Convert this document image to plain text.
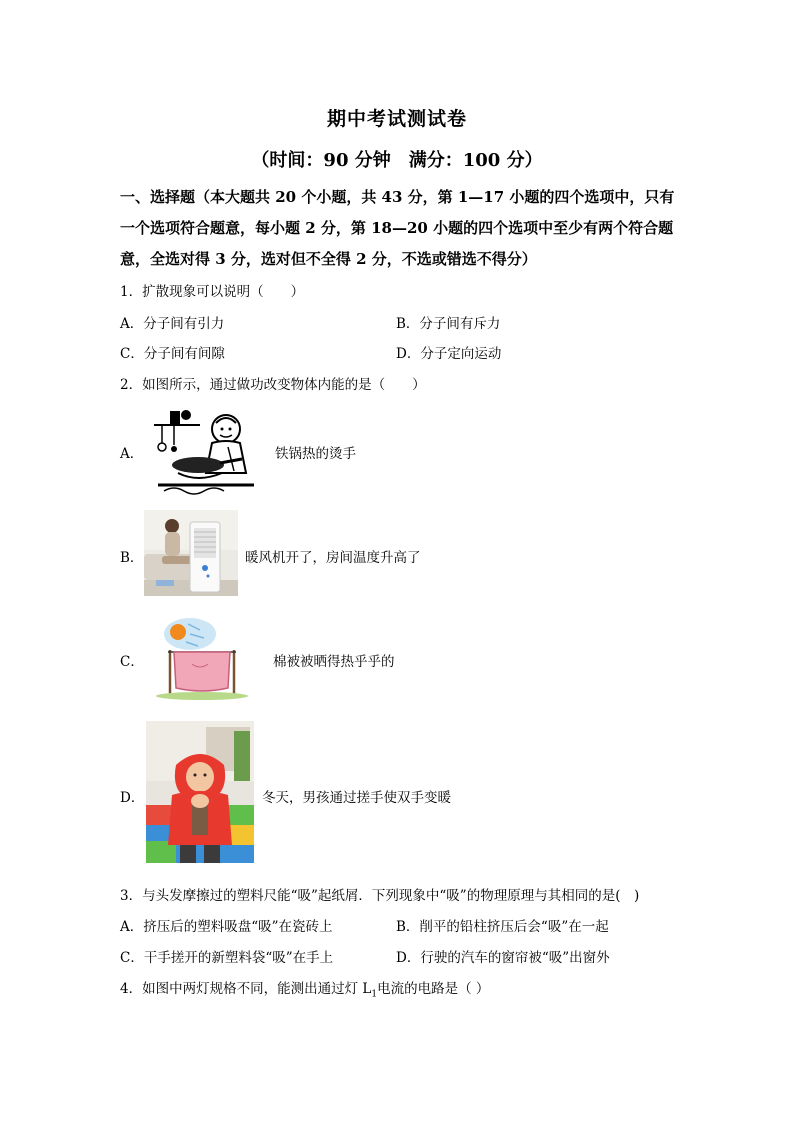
期中考试测试卷
（时间：90 分钟　满分：100 分）
一、选择题（本大题共 20 个小题，共 43 分，第 1—17 小题的四个选项中，只有一个选项符合题意，每小题 2 分，第 18—20 小题的四个选项中至少有两个符合题意，全选对得 3 分，选对但不全得 2 分，不选或错选不得分）
1．扩散现象可以说明（　　）
A．分子间有引力	B．分子间有斥力
C．分子间有间隙	D．分子定向运动
2．如图所示，通过做功改变物体内能的是（　　）
A．	铁锅热的烫手
B．	暖风机开了，房间温度升高了
C．	棉被被晒得热乎乎的
D．	冬天，男孩通过搓手使双手变暖
3．与头发摩擦过的塑料尺能“吸”起纸屑．下列现象中“吸”的物理原理与其相同的是(　)
A．挤压后的塑料吸盘“吸”在瓷砖上	B．削平的铅柱挤压后会“吸”在一起
C．干手搓开的新塑料袋“吸”在手上	D．行驶的汽车的窗帘被“吸”出窗外
4．如图中两灯规格不同，能测出通过灯 $L_1$电流的电路是（ ）
